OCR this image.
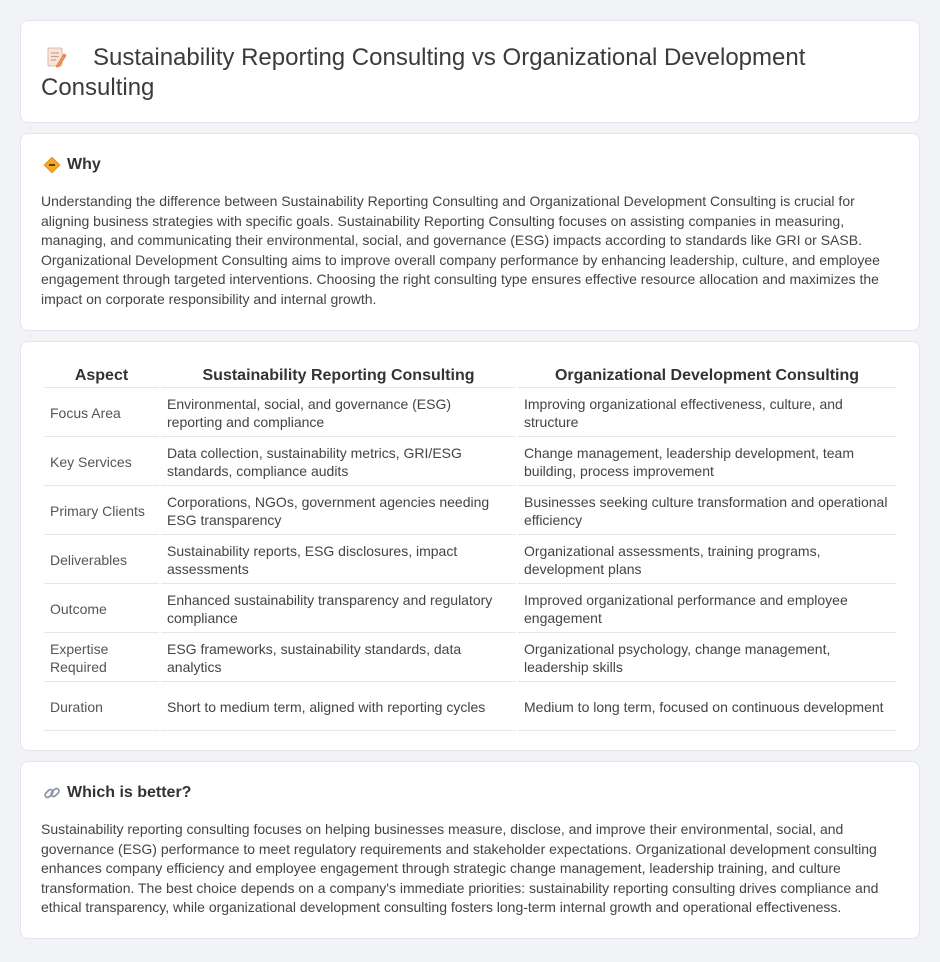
Sustainability Reporting Consulting vs Organizational Development Consulting
Why

Understanding the difference between Sustainability Reporting Consulting and Organizational Development Consulting is crucial for aligning business strategies with specific goals. Sustainability Reporting Consulting focuses on assisting companies in measuring, managing, and communicating their environmental, social, and governance (ESG) impacts according to standards like GRI or SASB. Organizational Development Consulting aims to improve overall company performance by enhancing leadership, culture, and employee engagement through targeted interventions. Choosing the right consulting type ensures effective resource allocation and maximizes the impact on corporate responsibility and internal growth.

Aspect	Sustainability Reporting Consulting	Organizational Development Consulting
Focus Area	Environmental, social, and governance (ESG) reporting and compliance	Improving organizational effectiveness, culture, and structure
Key Services	Data collection, sustainability metrics, GRI/ESG standards, compliance audits	Change management, leadership development, team building, process improvement
Primary Clients	Corporations, NGOs, government agencies needing ESG transparency	Businesses seeking culture transformation and operational efficiency
Deliverables	Sustainability reports, ESG disclosures, impact assessments	Organizational assessments, training programs, development plans
Outcome	Enhanced sustainability transparency and regulatory compliance	Improved organizational performance and employee engagement
Expertise Required	ESG frameworks, sustainability standards, data analytics	Organizational psychology, change management, leadership skills
Duration	Short to medium term, aligned with reporting cycles	Medium to long term, focused on continuous development
Which is better?

Sustainability reporting consulting focuses on helping businesses measure, disclose, and improve their environmental, social, and governance (ESG) performance to meet regulatory requirements and stakeholder expectations. Organizational development consulting enhances company efficiency and employee engagement through strategic change management, leadership training, and culture transformation. The best choice depends on a company's immediate priorities: sustainability reporting consulting drives compliance and ethical transparency, while organizational development consulting fosters long-term internal growth and operational effectiveness.
